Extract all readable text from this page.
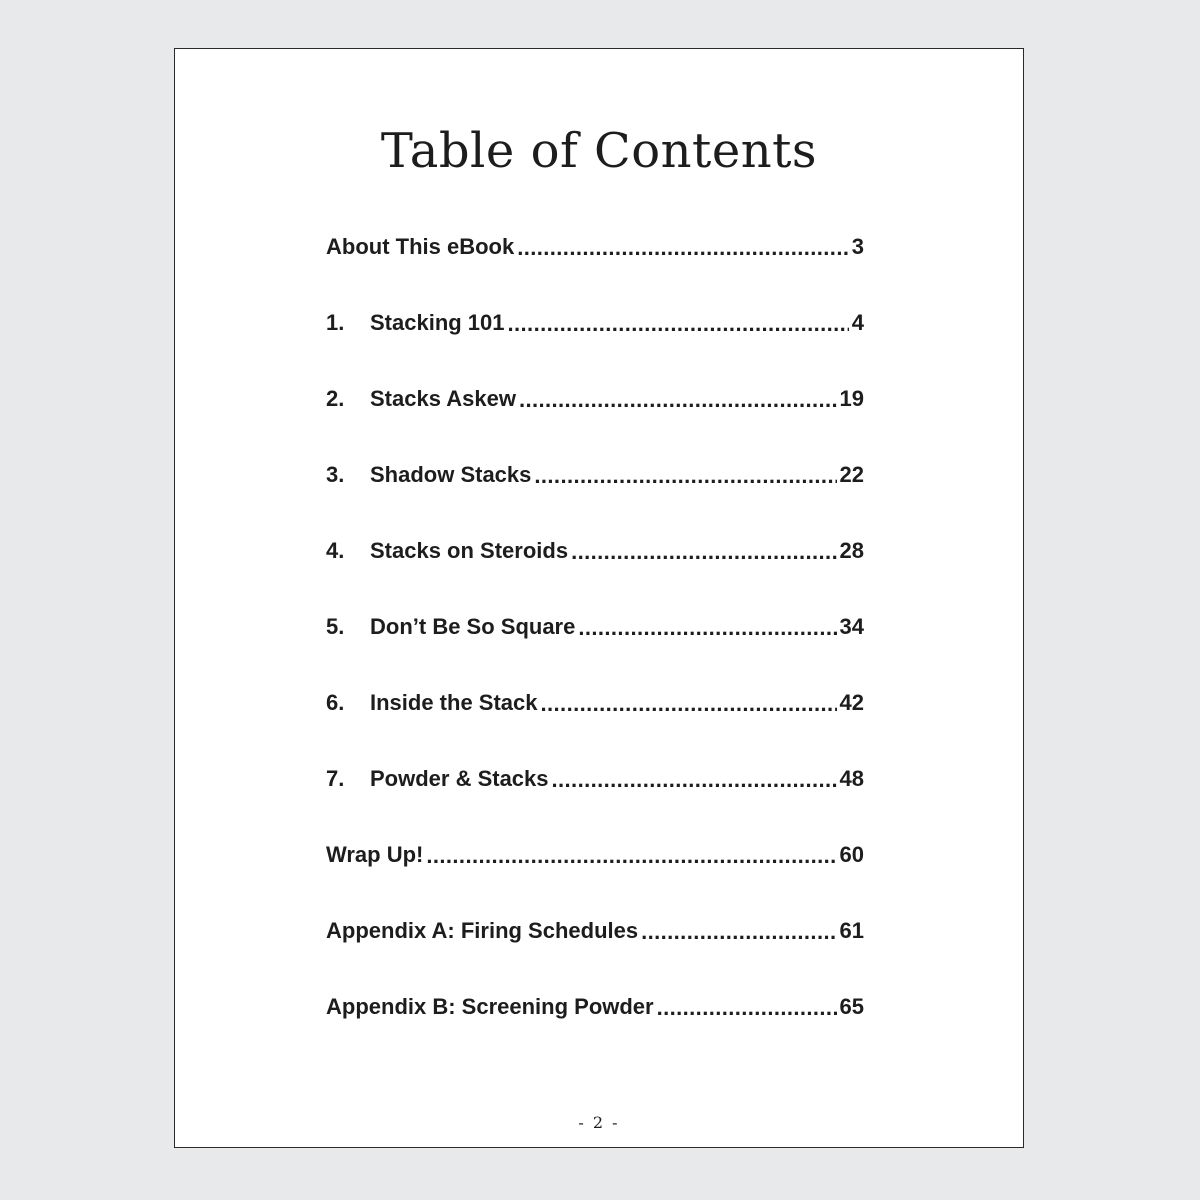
Table of Contents
About This eBook .....	3
1.	Stacking 101 .....	4
2.	Stacks Askew .....	19
3.	Shadow Stacks .....	22
4.	Stacks on Steroids .....	28
5.	Don’t Be So Square .....	34
6.	Inside the Stack .....	42
7.	Powder & Stacks .....	48
Wrap Up! .....	60
Appendix A: Firing Schedules .....	61
Appendix B: Screening Powder .....	65
- 2 -
